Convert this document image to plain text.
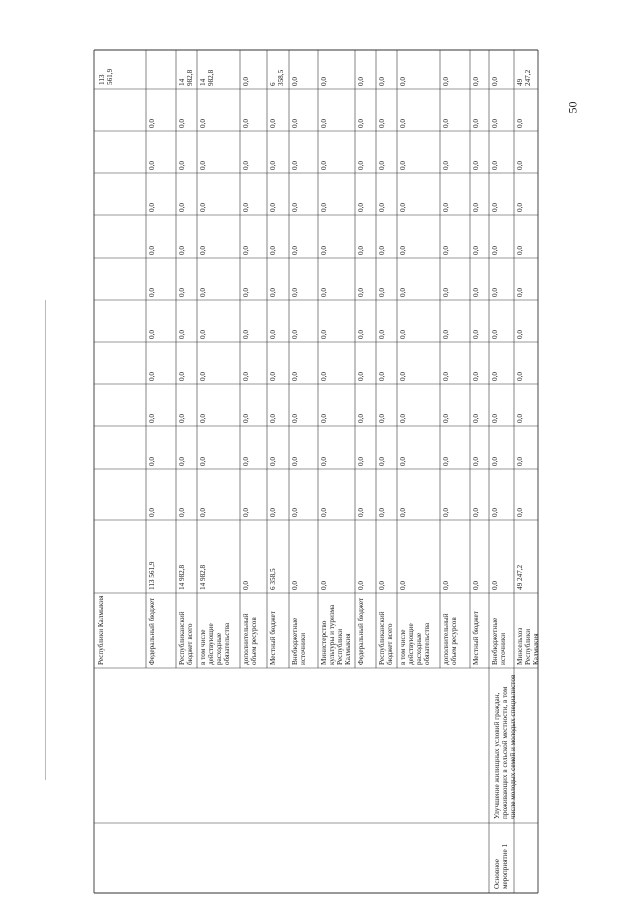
Республики Калмыкия
113
561,9
Федеральный бюджет
113 561,9
0,0
0,0
0,0
0,0
0,0
0,0
0,0
0,0
0,0
0,0
Республиканский бюджет всего
14 982,8
0,0
0,0
0,0
0,0
0,0
0,0
0,0
0,0
0,0
0,0
14
982,8
в том числе действующие расходные обязательства
14 982,8
0,0
0,0
0,0
0,0
0,0
0,0
0,0
0,0
0,0
0,0
14
982,8
дополнительный объем ресурсов
0,0
0,0
0,0
0,0
0,0
0,0
0,0
0,0
0,0
0,0
0,0
0,0
Местный бюджет
6 358,5
0,0
0,0
0,0
0,0
0,0
0,0
0,0
0,0
0,0
0,0
6
358,5
Внебюджетные источники
0,0
0,0
0,0
0,0
0,0
0,0
0,0
0,0
0,0
0,0
0,0
0,0
Министерство культуры и туризма Республики Калмыкия
0,0
0,0
0,0
0,0
0,0
0,0
0,0
0,0
0,0
0,0
0,0
0,0
Федеральный бюджет
0,0
0,0
0,0
0,0
0,0
0,0
0,0
0,0
0,0
0,0
0,0
0,0
Республиканский бюджет всего
0,0
0,0
0,0
0,0
0,0
0,0
0,0
0,0
0,0
0,0
0,0
0,0
в том числе действующие расходные обязательства
0,0
0,0
0,0
0,0
0,0
0,0
0,0
0,0
0,0
0,0
0,0
0,0
дополнительный объем ресурсов
0,0
0,0
0,0
0,0
0,0
0,0
0,0
0,0
0,0
0,0
0,0
0,0
Местный бюджет
0,0
0,0
0,0
0,0
0,0
0,0
0,0
0,0
0,0
0,0
0,0
0,0
Внебюджетные источники
0,0
0,0
0,0
0,0
0,0
0,0
0,0
0,0
0,0
0,0
0,0
0,0
Минсельхоз Республики Калмыкия
49 247,2
0,0
0,0
0,0
0,0
0,0
0,0
0,0
0,0
0,0
0,0
49
247,2
Основное мероприятие 1
Улучшение жилищных условий граждан, проживающих в сельской местности, в том числе молодых семей и молодых специалистов
50
